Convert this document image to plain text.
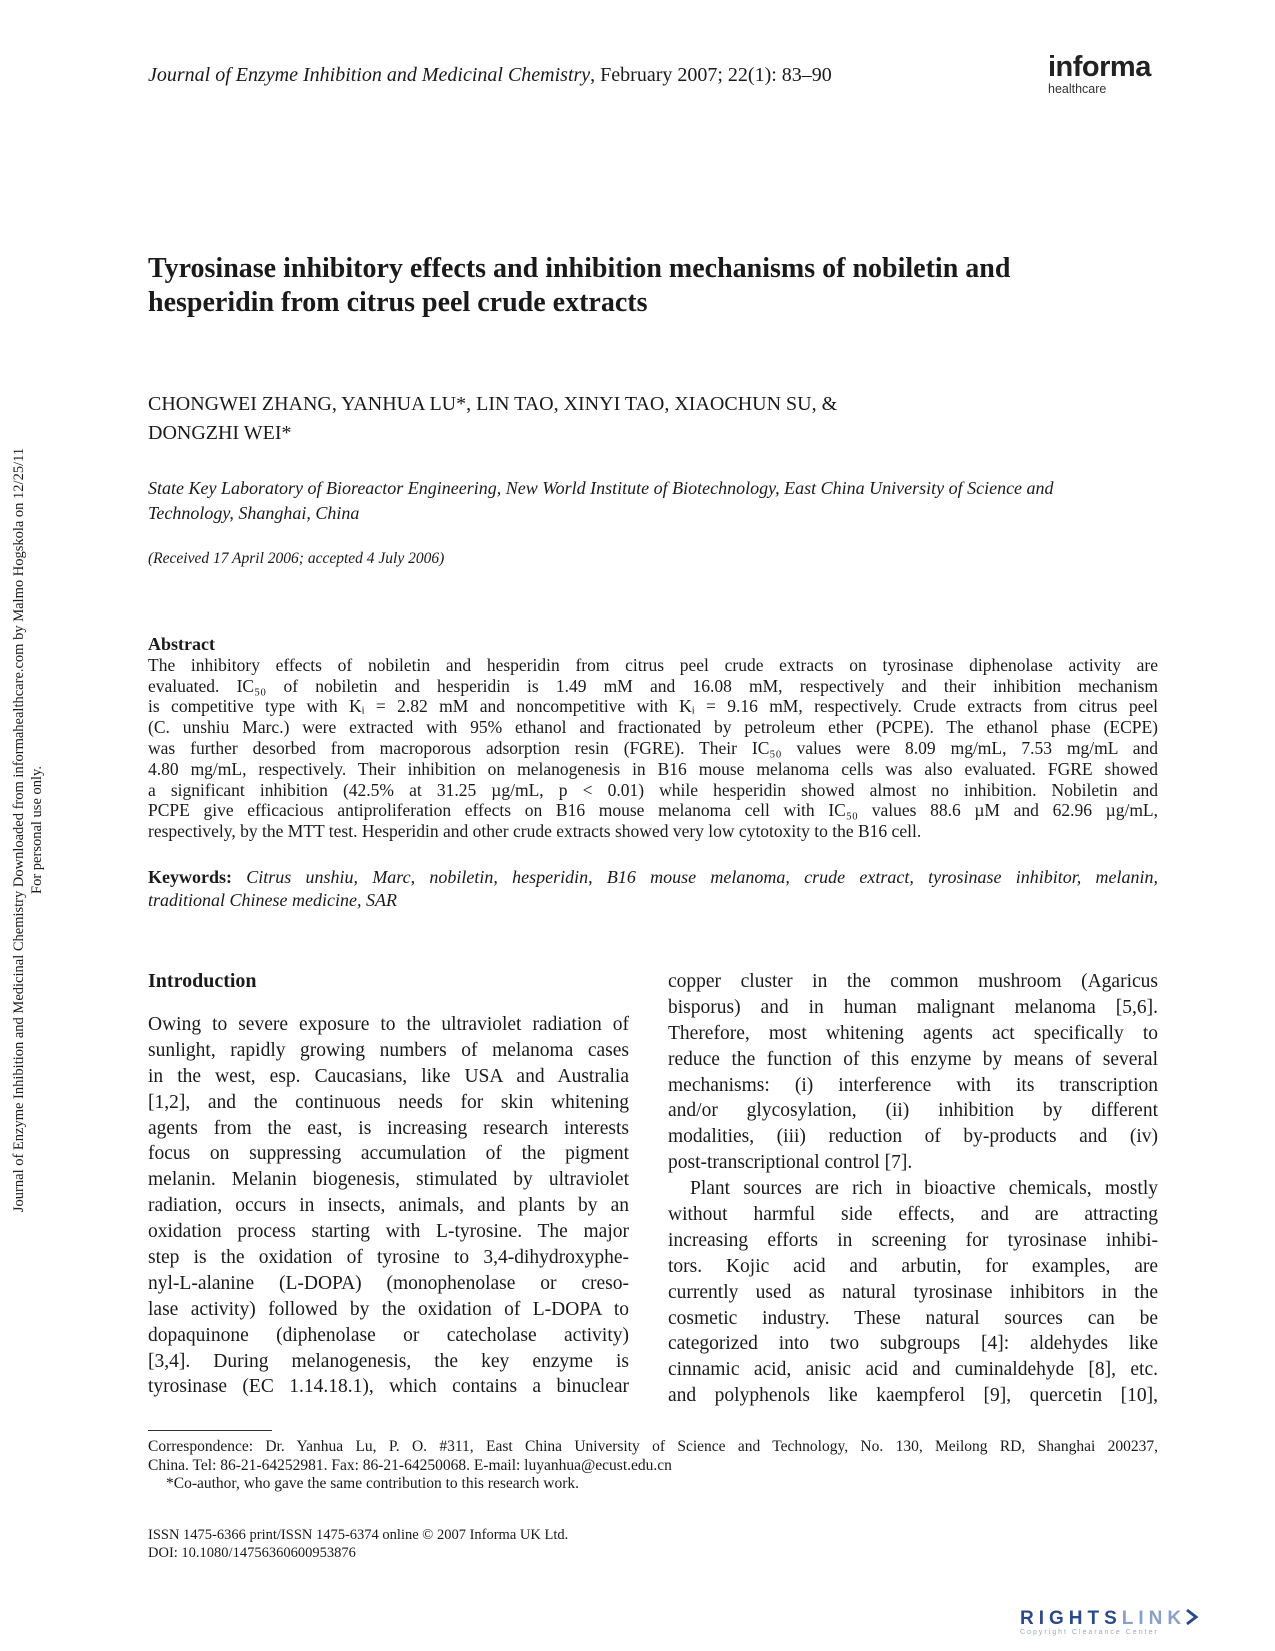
Journal of Enzyme Inhibition and Medicinal Chemistry Downloaded from informahealthcare.com by Malmo Hogskola on 12/25/11 For personal use only.
Journal of Enzyme Inhibition and Medicinal Chemistry, February 2007; 22(1): 83–90	informa
healthcare
Tyrosinase inhibitory effects and inhibition mechanisms of nobiletin and
hesperidin from citrus peel crude extracts
CHONGWEI ZHANG, YANHUA LU*, LIN TAO, XINYI TAO, XIAOCHUN SU, &
DONGZHI WEI*
State Key Laboratory of Bioreactor Engineering, New World Institute of Biotechnology, East China University of Science and
Technology, Shanghai, China
(Received 17 April 2006; accepted 4 July 2006)
Abstract
The inhibitory effects of nobiletin and hesperidin from citrus peel crude extracts on tyrosinase diphenolase activity are
evaluated. IC₅₀ of nobiletin and hesperidin is 1.49 mM and 16.08 mM, respectively and their inhibition mechanism
is competitive type with Kᵢ = 2.82 mM and noncompetitive with Kᵢ = 9.16 mM, respectively. Crude extracts from citrus peel
(C. unshiu Marc.) were extracted with 95% ethanol and fractionated by petroleum ether (PCPE). The ethanol phase (ECPE)
was further desorbed from macroporous adsorption resin (FGRE). Their IC₅₀ values were 8.09 mg/mL, 7.53 mg/mL and
4.80 mg/mL, respectively. Their inhibition on melanogenesis in B16 mouse melanoma cells was also evaluated. FGRE showed
a significant inhibition (42.5% at 31.25 µg/mL, p < 0.01) while hesperidin showed almost no inhibition. Nobiletin and
PCPE give efficacious antiproliferation effects on B16 mouse melanoma cell with IC₅₀ values 88.6 µM and 62.96 µg/mL,
respectively, by the MTT test. Hesperidin and other crude extracts showed very low cytotoxity to the B16 cell.
Keywords: Citrus unshiu, Marc, nobiletin, hesperidin, B16 mouse melanoma, crude extract, tyrosinase inhibitor, melanin,
traditional Chinese medicine, SAR
Introduction
Owing to severe exposure to the ultraviolet radiation of
sunlight, rapidly growing numbers of melanoma cases
in the west, esp. Caucasians, like USA and Australia
[1,2], and the continuous needs for skin whitening
agents from the east, is increasing research interests
focus on suppressing accumulation of the pigment
melanin. Melanin biogenesis, stimulated by ultraviolet
radiation, occurs in insects, animals, and plants by an
oxidation process starting with L-tyrosine. The major
step is the oxidation of tyrosine to 3,4-dihydroxyphe-
nyl-L-alanine (L-DOPA) (monophenolase or creso-
lase activity) followed by the oxidation of L-DOPA to
dopaquinone (diphenolase or catecholase activity)
[3,4]. During melanogenesis, the key enzyme is
tyrosinase (EC 1.14.18.1), which contains a binuclear
copper cluster in the common mushroom (Agaricus
bisporus) and in human malignant melanoma [5,6].
Therefore, most whitening agents act specifically to
reduce the function of this enzyme by means of several
mechanisms: (i) interference with its transcription
and/or glycosylation, (ii) inhibition by different
modalities, (iii) reduction of by-products and (iv)
post-transcriptional control [7].
Plant sources are rich in bioactive chemicals, mostly
without harmful side effects, and are attracting
increasing efforts in screening for tyrosinase inhibi-
tors. Kojic acid and arbutin, for examples, are
currently used as natural tyrosinase inhibitors in the
cosmetic industry. These natural sources can be
categorized into two subgroups [4]: aldehydes like
cinnamic acid, anisic acid and cuminaldehyde [8], etc.
and polyphenols like kaempferol [9], quercetin [10],
Correspondence: Dr. Yanhua Lu, P. O. #311, East China University of Science and Technology, No. 130, Meilong RD, Shanghai 200237,
China. Tel: 86-21-64252981. Fax: 86-21-64250068. E-mail: luyanhua@ecust.edu.cn
*Co-author, who gave the same contribution to this research work.
ISSN 1475-6366 print/ISSN 1475-6374 online © 2007 Informa UK Ltd.
DOI: 10.1080/14756360600953876
RIGHTSLINK
Copyright Clearance Center
